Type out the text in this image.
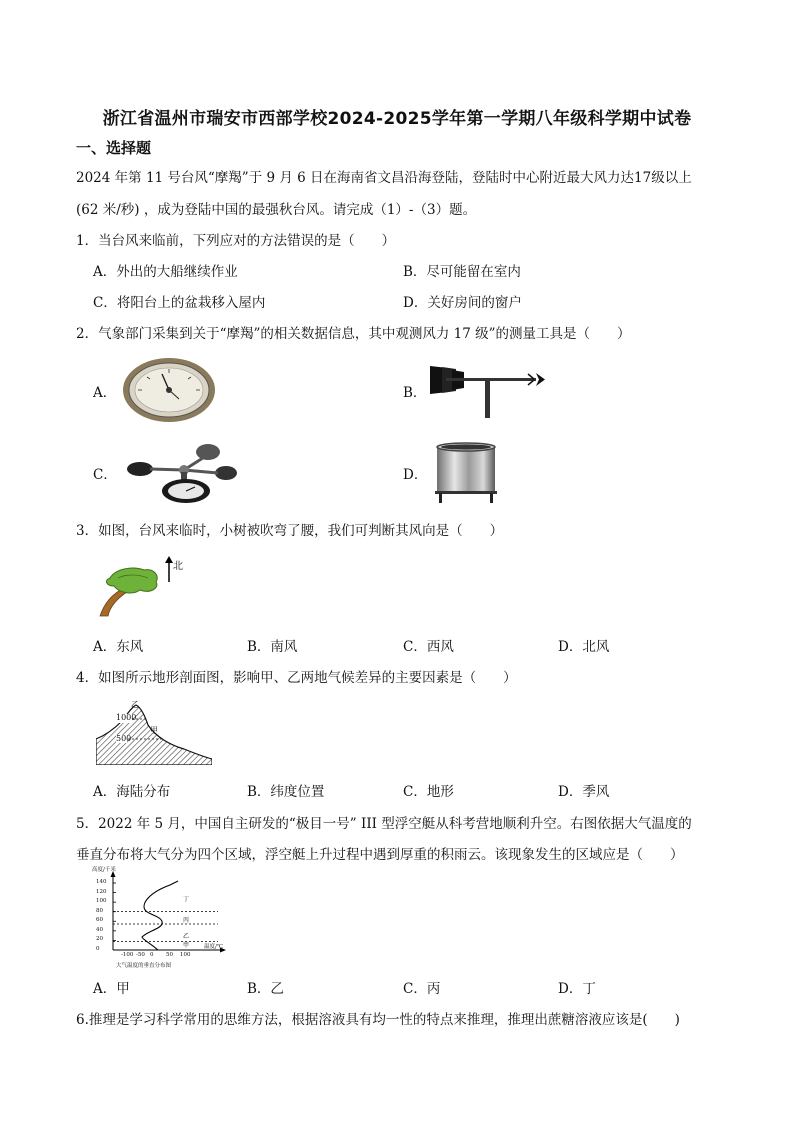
浙江省温州市瑞安市西部学校2024-2025学年第一学期八年级科学期中试卷
一、选择题
2024 年第 11 号台风“摩羯”于 9 月 6 日在海南省文昌沿海登陆，登陆时中心附近最大风力达17级以上
(62 米/秒) ，成为登陆中国的最强秋台风。请完成（1）-（3）题。
1．当台风来临前，下列应对的方法错误的是（　　）
A．外出的大船继续作业	B．尽可能留在室内
C．将阳台上的盆栽移入屋内	D．关好房间的窗户
2．气象部门采集到关于“摩羯”的相关数据信息，其中观测风力 17 级”的测量工具是（　　）
A．	B．
C．	D．
3．如图，台风来临时，小树被吹弯了腰，我们可判断其风向是（　　）
北
A．东风	B．南风	C．西风	D．北风
4．如图所示地形剖面图，影响甲、乙两地气候差异的主要因素是（　　）
乙
1000
500
甲
A．海陆分布	B．纬度位置	C．地形	D．季风
5．2022 年 5 月，中国自主研发的“极目一号” III 型浮空艇从科考营地顺利升空。右图依据大气温度的
垂直分布将大气分为四个区域，浮空艇上升过程中遇到厚重的积雨云。该现象发生的区域应是（　　）
140
120
100
80
60
40
20
0
-100 -50 0 50 100
高度/千米
温度/℃
丁
丙
乙
甲
大气温度的垂直分布图
A．甲	B．乙	C．丙	D．丁
6.推理是学习科学常用的思维方法，根据溶液具有均一性的特点来推理，推理出蔗糖溶液应该是(　　)
